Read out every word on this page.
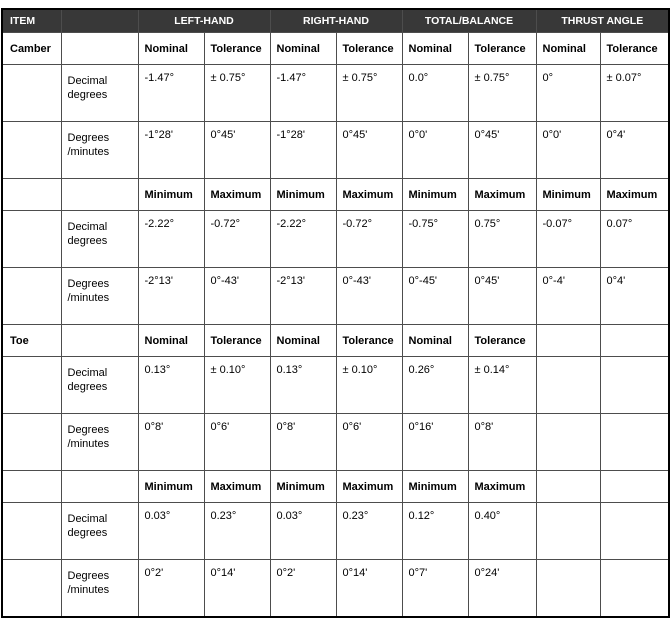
ITEM		LEFT-HAND		RIGHT-HAND		TOTAL/BALANCE		THRUST ANGLE	
Camber		Nominal	Tolerance	Nominal	Tolerance	Nominal	Tolerance	Nominal	Tolerance
	Decimal degrees	-1.47°	± 0.75°	-1.47°	± 0.75°	0.0°	± 0.75°	0°	± 0.07°
	Degrees /minutes	-1°28'	0°45'	-1°28'	0°45'	0°0'	0°45'	0°0'	0°4'
		Minimum	Maximum	Minimum	Maximum	Minimum	Maximum	Minimum	Maximum
	Decimal degrees	-2.22°	-0.72°	-2.22°	-0.72°	-0.75°	0.75°	-0.07°	0.07°
	Degrees /minutes	-2°13'	0°-43'	-2°13'	0°-43'	0°-45'	0°45'	0°-4'	0°4'
Toe		Nominal	Tolerance	Nominal	Tolerance	Nominal	Tolerance		
	Decimal degrees	0.13°	± 0.10°	0.13°	± 0.10°	0.26°	± 0.14°		
	Degrees /minutes	0°8'	0°6'	0°8'	0°6'	0°16'	0°8'		
		Minimum	Maximum	Minimum	Maximum	Minimum	Maximum		
	Decimal degrees	0.03°	0.23°	0.03°	0.23°	0.12°	0.40°		
	Degrees /minutes	0°2'	0°14'	0°2'	0°14'	0°7'	0°24'		
